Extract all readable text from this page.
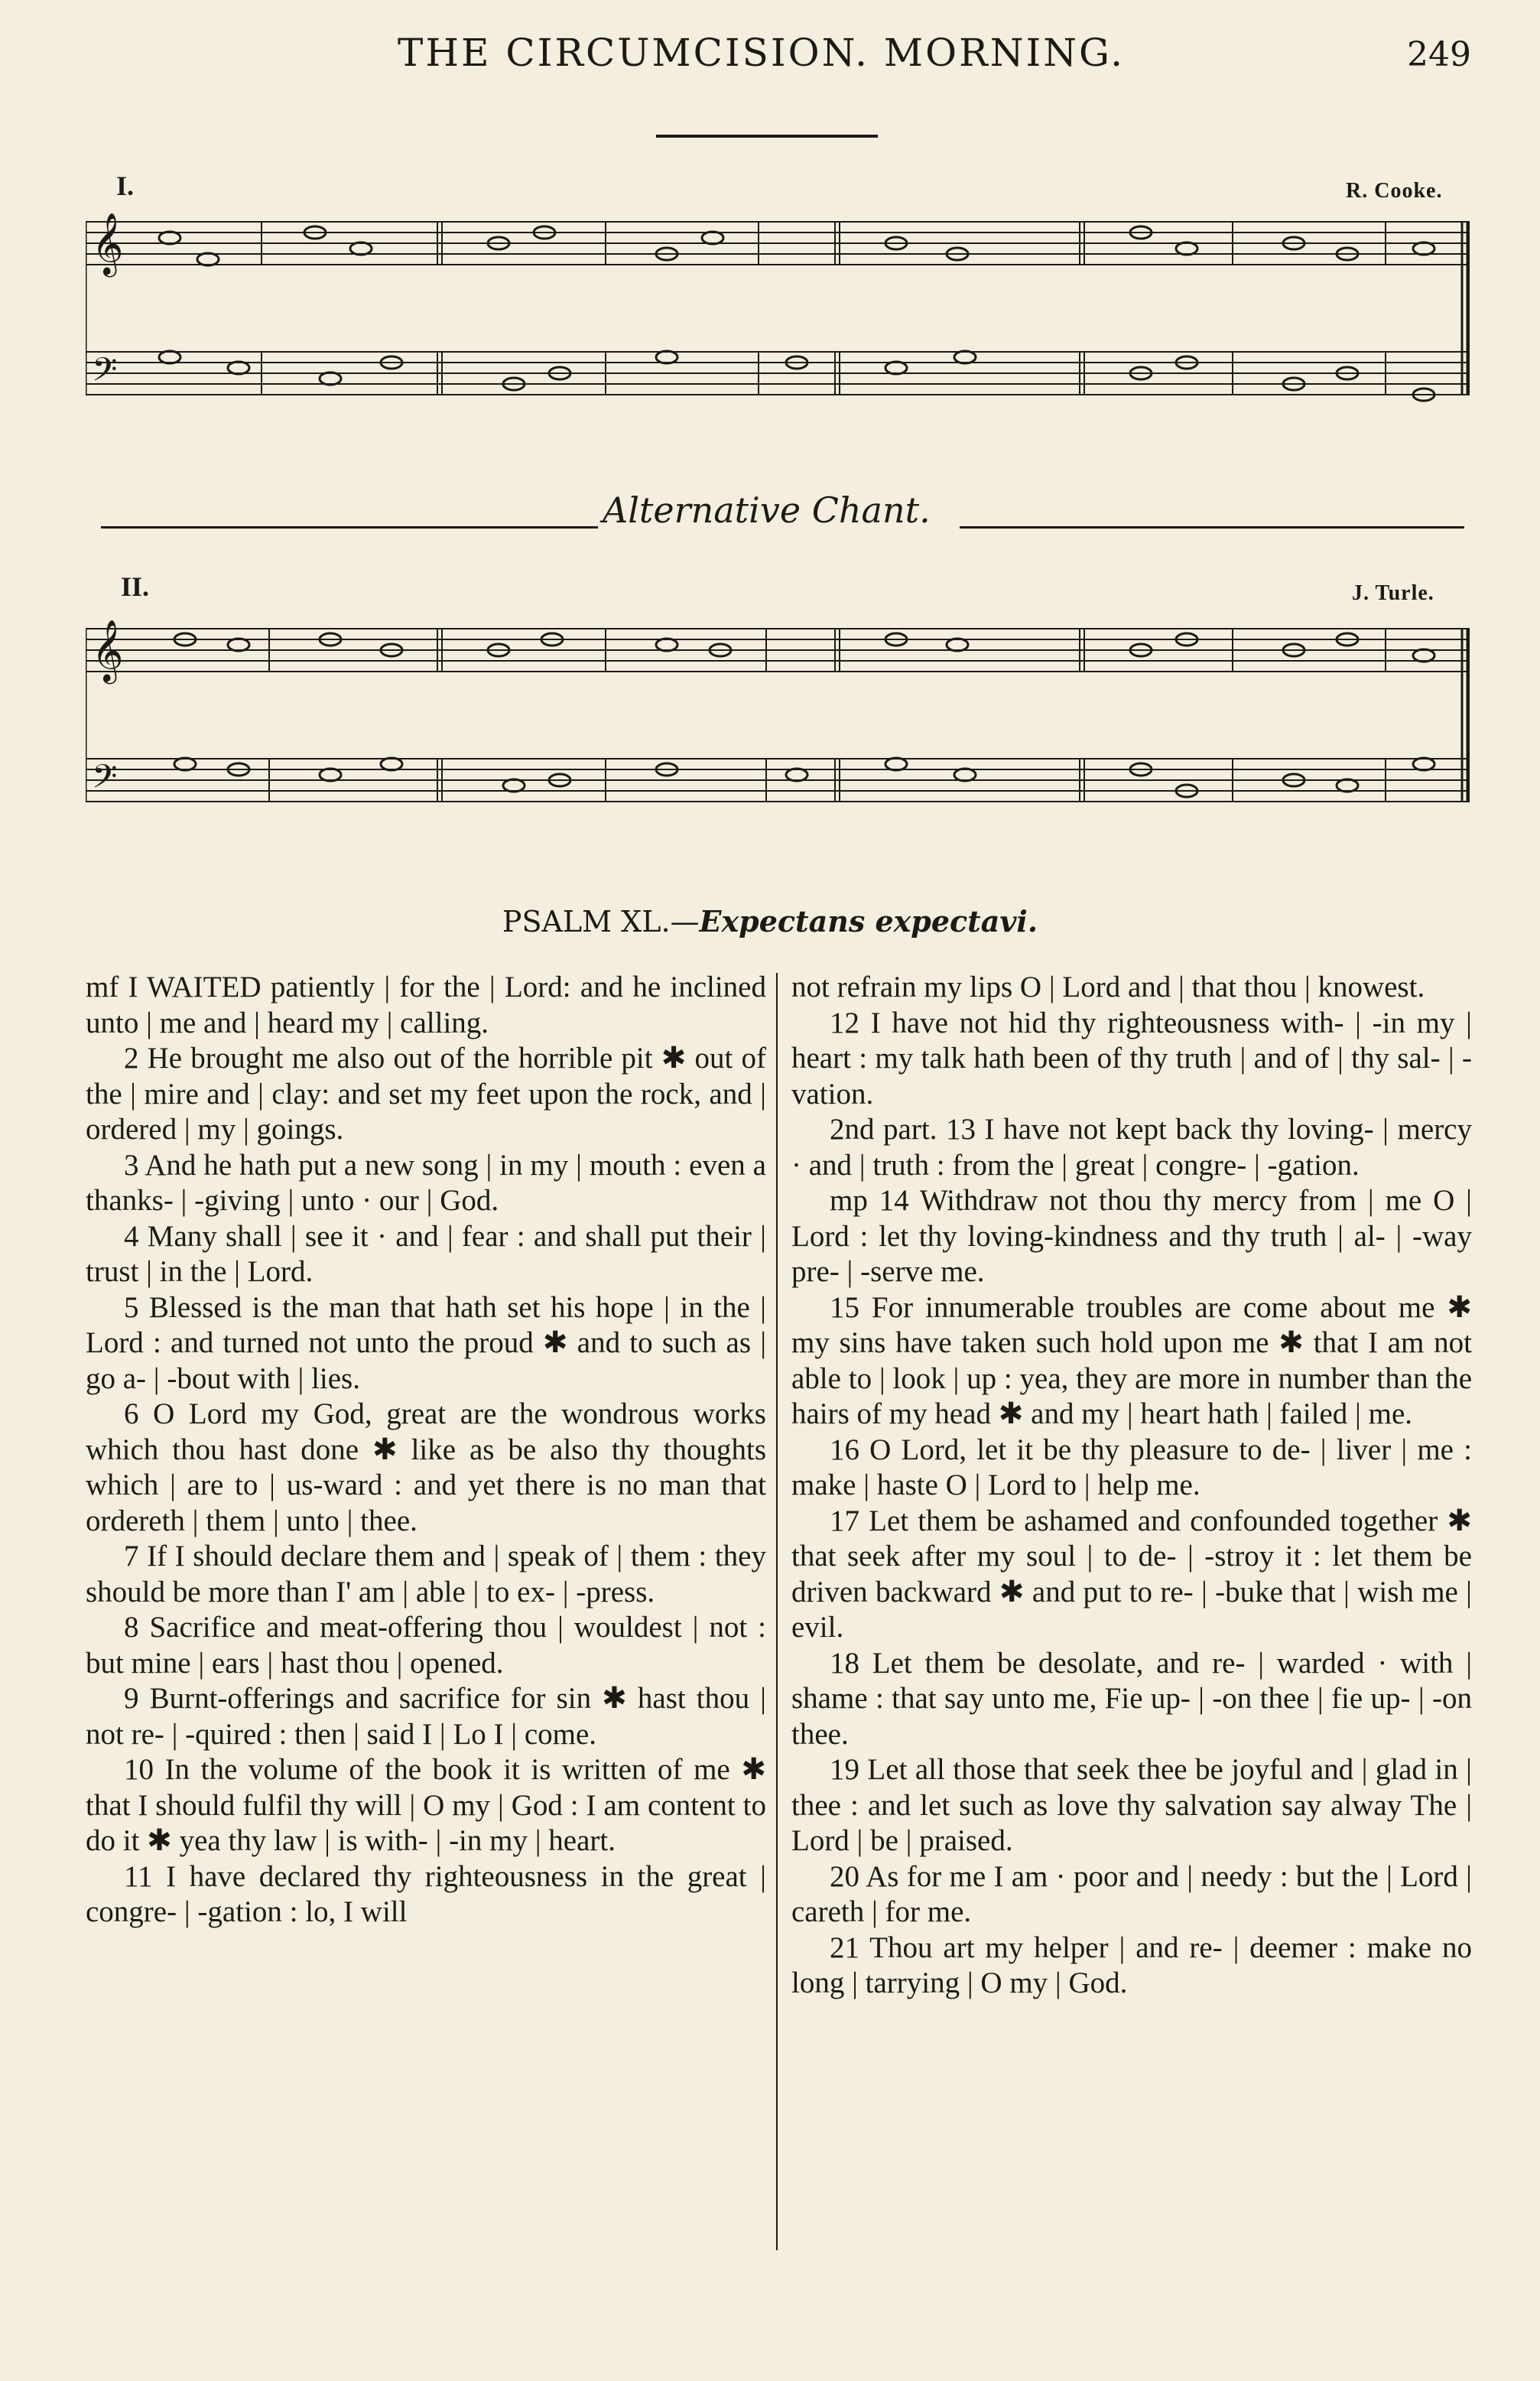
THE CIRCUMCISION. MORNING.	249
I.	R. Cooke.
𝄞
𝄢
Alternative Chant.
II.	J. Turle.
𝄞
𝄢
PSALM XL.—Expectans expectavi.

mf I WAITED patiently | for the | Lord: and he inclined unto | me and | heard my | calling.

2 He brought me also out of the horrible pit ✱ out of the | mire and | clay: and set my feet upon the rock, and | ordered | my | goings.

3 And he hath put a new song | in my | mouth : even a thanks- | -giving | unto · our | God.

4 Many shall | see it · and | fear : and shall put their | trust | in the | Lord.

5 Blessed is the man that hath set his hope | in the | Lord : and turned not unto the proud ✱ and to such as | go a- | -bout with | lies.

6 O Lord my God, great are the wondrous works which thou hast done ✱ like as be also thy thoughts which | are to | us-ward : and yet there is no man that ordereth | them | unto | thee.

7 If I should declare them and | speak of | them : they should be more than I' am | able | to ex- | -press.

8 Sacrifice and meat-offering thou | wouldest | not : but mine | ears | hast thou | opened.

9 Burnt-offerings and sacrifice for sin ✱ hast thou | not re- | -quired : then | said I | Lo I | come.

10 In the volume of the book it is written of me ✱ that I should fulfil thy will | O my | God : I am content to do it ✱ yea thy law | is with- | -in my | heart.

11 I have declared thy righteousness in the great | congre- | -gation : lo, I will

not refrain my lips O | Lord and | that thou | knowest.

12 I have not hid thy righteousness with- | -in my | heart : my talk hath been of thy truth | and of | thy sal- | -vation.

2nd part. 13 I have not kept back thy loving- | mercy · and | truth : from the | great | congre- | -gation.

mp 14 Withdraw not thou thy mercy from | me O | Lord : let thy loving-kindness and thy truth | al- | -way pre- | -serve me.

15 For innumerable troubles are come about me ✱ my sins have taken such hold upon me ✱ that I am not able to | look | up : yea, they are more in number than the hairs of my head ✱ and my | heart hath | failed | me.

16 O Lord, let it be thy pleasure to de- | liver | me : make | haste O | Lord to | help me.

17 Let them be ashamed and confounded together ✱ that seek after my soul | to de- | -stroy it : let them be driven backward ✱ and put to re- | -buke that | wish me | evil.

18 Let them be desolate, and re- | warded · with | shame : that say unto me, Fie up- | -on thee | fie up- | -on thee.

19 Let all those that seek thee be joyful and | glad in | thee : and let such as love thy salvation say alway The | Lord | be | praised.

20 As for me I am · poor and | needy : but the | Lord | careth | for me.

21 Thou art my helper | and re- | deemer : make no long | tarrying | O my | God.
